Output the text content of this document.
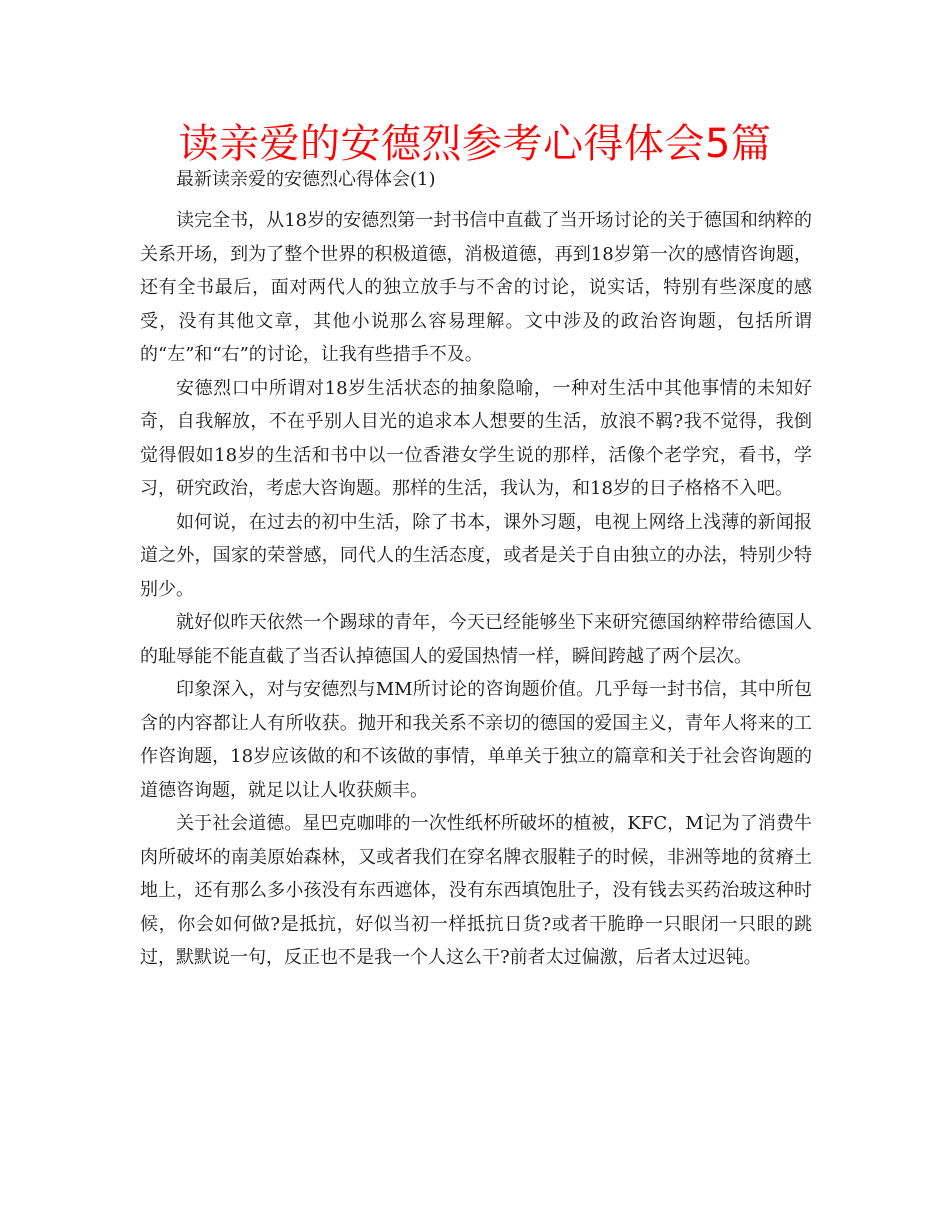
读亲爱的安德烈参考心得体会5篇

最新读亲爱的安德烈心得体会(1)

读完全书，从18岁的安德烈第一封书信中直截了当开场讨论的关于德国和纳粹的关系开场，到为了整个世界的积极道德，消极道德，再到18岁第一次的感情咨询题，还有全书最后，面对两代人的独立放手与不舍的讨论，说实话，特别有些深度的感受，没有其他文章，其他小说那么容易理解。文中涉及的政治咨询题，包括所谓的“左”和“右”的讨论，让我有些措手不及。

安德烈口中所谓对18岁生活状态的抽象隐喻，一种对生活中其他事情的未知好奇，自我解放，不在乎别人目光的追求本人想要的生活，放浪不羁?我不觉得，我倒觉得假如18岁的生活和书中以一位香港女学生说的那样，活像个老学究，看书，学习，研究政治，考虑大咨询题。那样的生活，我认为，和18岁的日子格格不入吧。

如何说，在过去的初中生活，除了书本，课外习题，电视上网络上浅薄的新闻报道之外，国家的荣誉感，同代人的生活态度，或者是关于自由独立的办法，特别少特别少。

就好似昨天依然一个踢球的青年，今天已经能够坐下来研究德国纳粹带给德国人的耻辱能不能直截了当否认掉德国人的爱国热情一样，瞬间跨越了两个层次。

印象深入，对与安德烈与MM所讨论的咨询题价值。几乎每一封书信，其中所包含的内容都让人有所收获。抛开和我关系不亲切的德国的爱国主义，青年人将来的工作咨询题，18岁应该做的和不该做的事情，单单关于独立的篇章和关于社会咨询题的道德咨询题，就足以让人收获颇丰。

关于社会道德。星巴克咖啡的一次性纸杯所破坏的植被，KFC，M记为了消费牛肉所破坏的南美原始森林，又或者我们在穿名牌衣服鞋子的时候，非洲等地的贫瘠土地上，还有那么多小孩没有东西遮体，没有东西填饱肚子，没有钱去买药治玻这种时候，你会如何做?是抵抗，好似当初一样抵抗日货?或者干脆睁一只眼闭一只眼的跳过，默默说一句，反正也不是我一个人这么干?前者太过偏激，后者太过迟钝。
